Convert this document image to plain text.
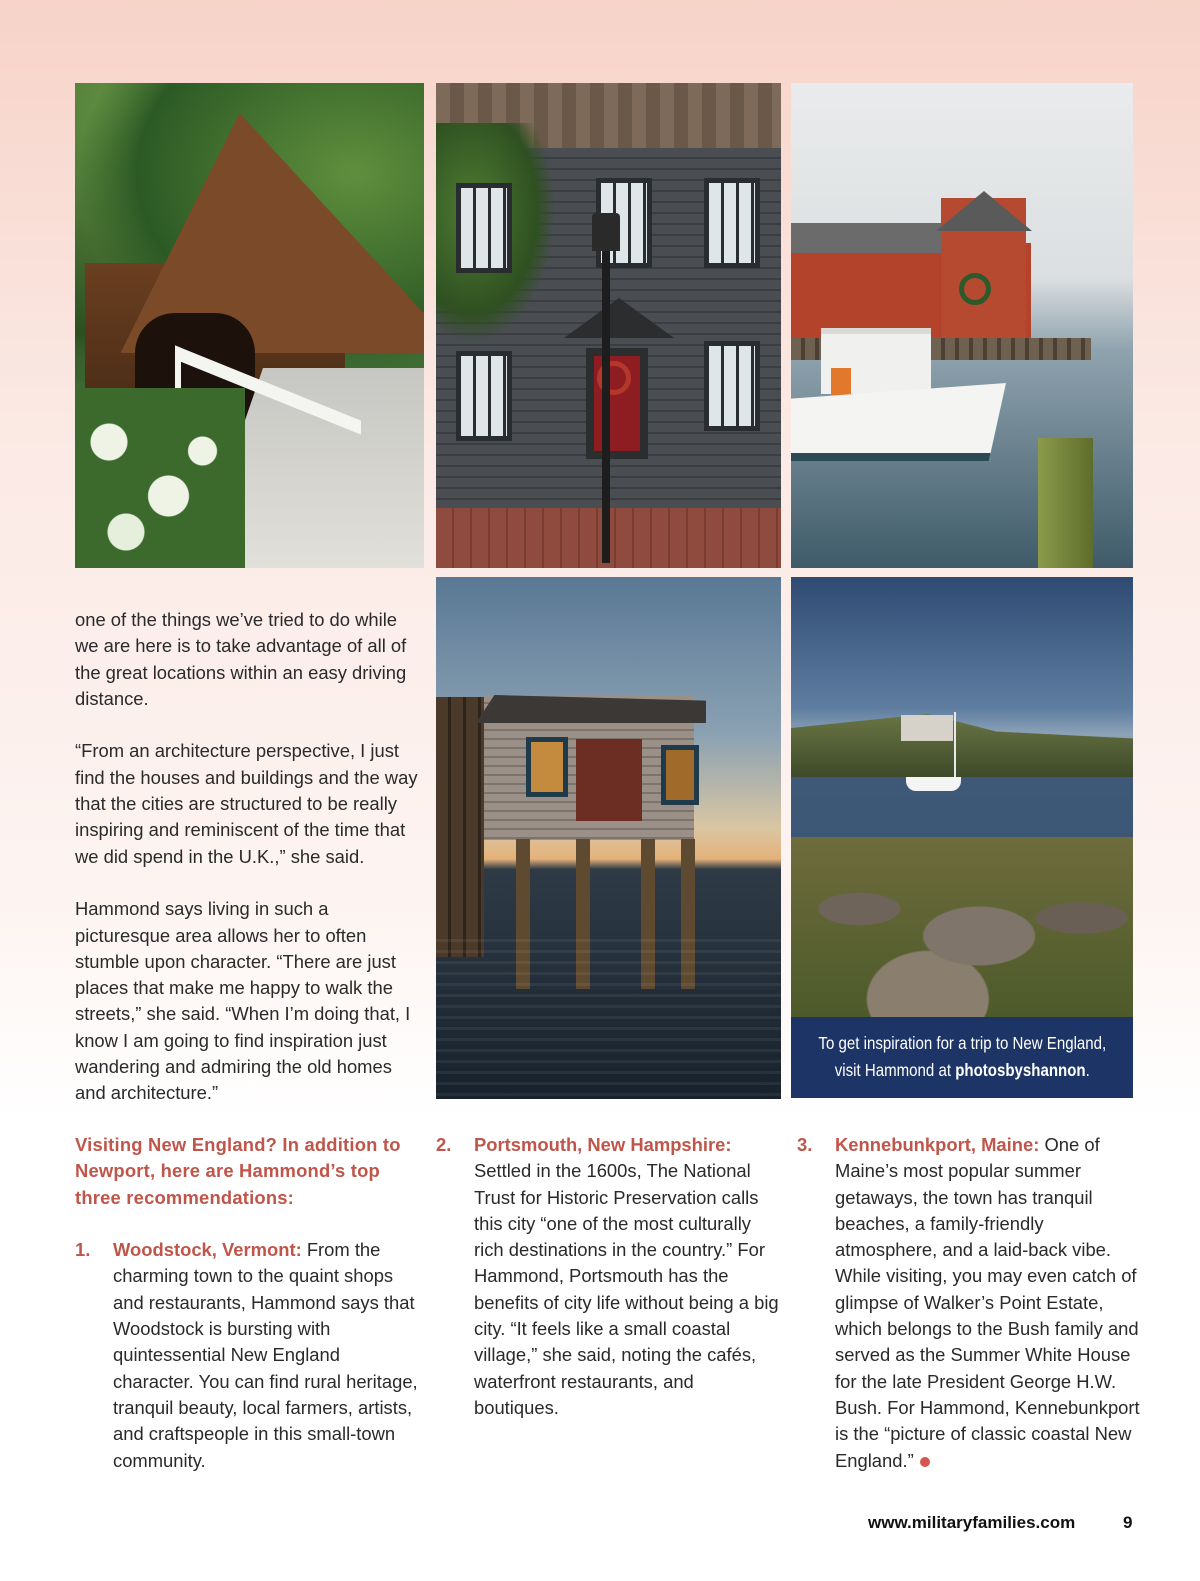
To get inspiration for a trip to New England,
visit Hammond at photosbyshannon.

one of the things we’ve tried to do while we are here is to take advantage of all of the great locations within an easy driving distance.

“From an architecture perspective, I just find the houses and buildings and the way that the cities are structured to be really inspiring and reminiscent of the time that we did spend in the U.K.,” she said.

Hammond says living in such a picturesque area allows her to often stumble upon character. “There are just places that make me happy to walk the streets,” she said. “When I’m doing that, I know I am going to find inspiration just wandering and admiring the old homes and architecture.”

Visiting New England? In addition to Newport, here are Hammond’s top three recommendations:

1. Woodstock, Vermont: From the charming town to the quaint shops and restaurants, Hammond says that Woodstock is bursting with quintessential New England character. You can find rural heritage, tranquil beauty, local farmers, artists, and craftspeople in this small-town community.

2. Portsmouth, New Hampshire: Settled in the 1600s, The National Trust for Historic Preservation calls this city “one of the most culturally rich destinations in the country.” For Hammond, Portsmouth has the benefits of city life without being a big city. “It feels like a small coastal village,” she said, noting the cafés, waterfront restaurants, and boutiques.

3. Kennebunkport, Maine: One of Maine’s most popular summer getaways, the town has tranquil beaches, a family-friendly atmosphere, and a laid-back vibe. While visiting, you may even catch of glimpse of Walker’s Point Estate, which belongs to the Bush family and served as the Summer White House for the late President George H.W. Bush. For Hammond, Kennebunkport is the “picture of classic coastal New England.”

www.militaryfamilies.com	9
